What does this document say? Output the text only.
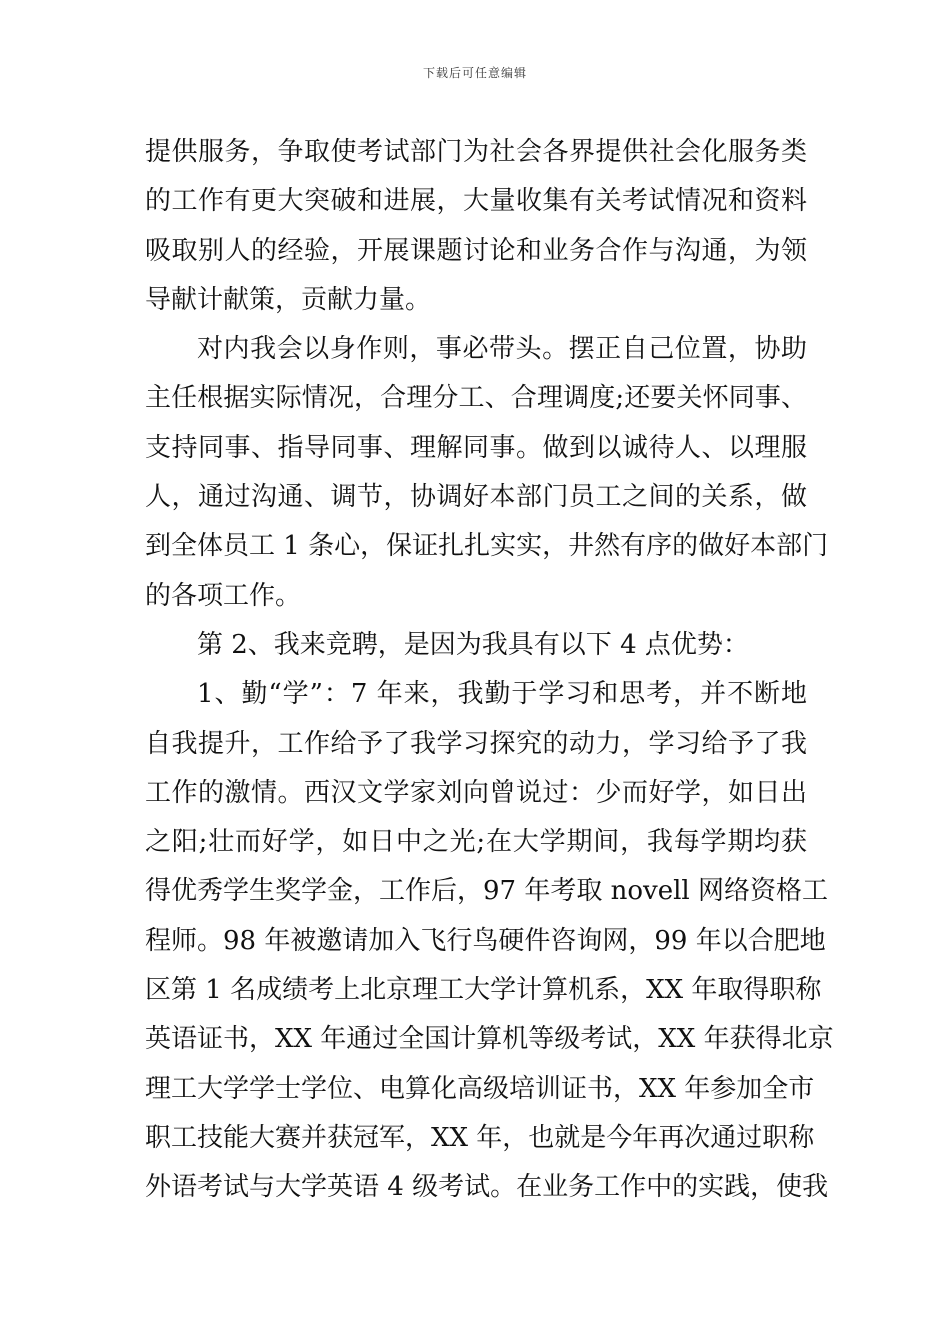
下载后可任意编辑

提供服务，争取使考试部门为社会各界提供社会化服务类
的工作有更大突破和进展，大量收集有关考试情况和资料
吸取别人的经验，开展课题讨论和业务合作与沟通，为领
导献计献策，贡献力量。

对内我会以身作则，事必带头。摆正自己位置，协助
主任根据实际情况，合理分工、合理调度;还要关怀同事、
支持同事、指导同事、理解同事。做到以诚待人、以理服
人，通过沟通、调节，协调好本部门员工之间的关系，做
到全体员工 1 条心，保证扎扎实实，井然有序的做好本部门
的各项工作。

第 2、我来竞聘，是因为我具有以下 4 点优势：

1、勤“学”：7 年来，我勤于学习和思考，并不断地
自我提升，工作给予了我学习探究的动力，学习给予了我
工作的激情。西汉文学家刘向曾说过：少而好学，如日出
之阳;壮而好学，如日中之光;在大学期间，我每学期均获
得优秀学生奖学金，工作后，97 年考取 novell 网络资格工
程师。98 年被邀请加入飞行鸟硬件咨询网，99 年以合肥地
区第 1 名成绩考上北京理工大学计算机系，XX 年取得职称
英语证书，XX 年通过全国计算机等级考试，XX 年获得北京
理工大学学士学位、电算化高级培训证书，XX 年参加全市
职工技能大赛并获冠军，XX 年，也就是今年再次通过职称
外语考试与大学英语 4 级考试。在业务工作中的实践，使我
